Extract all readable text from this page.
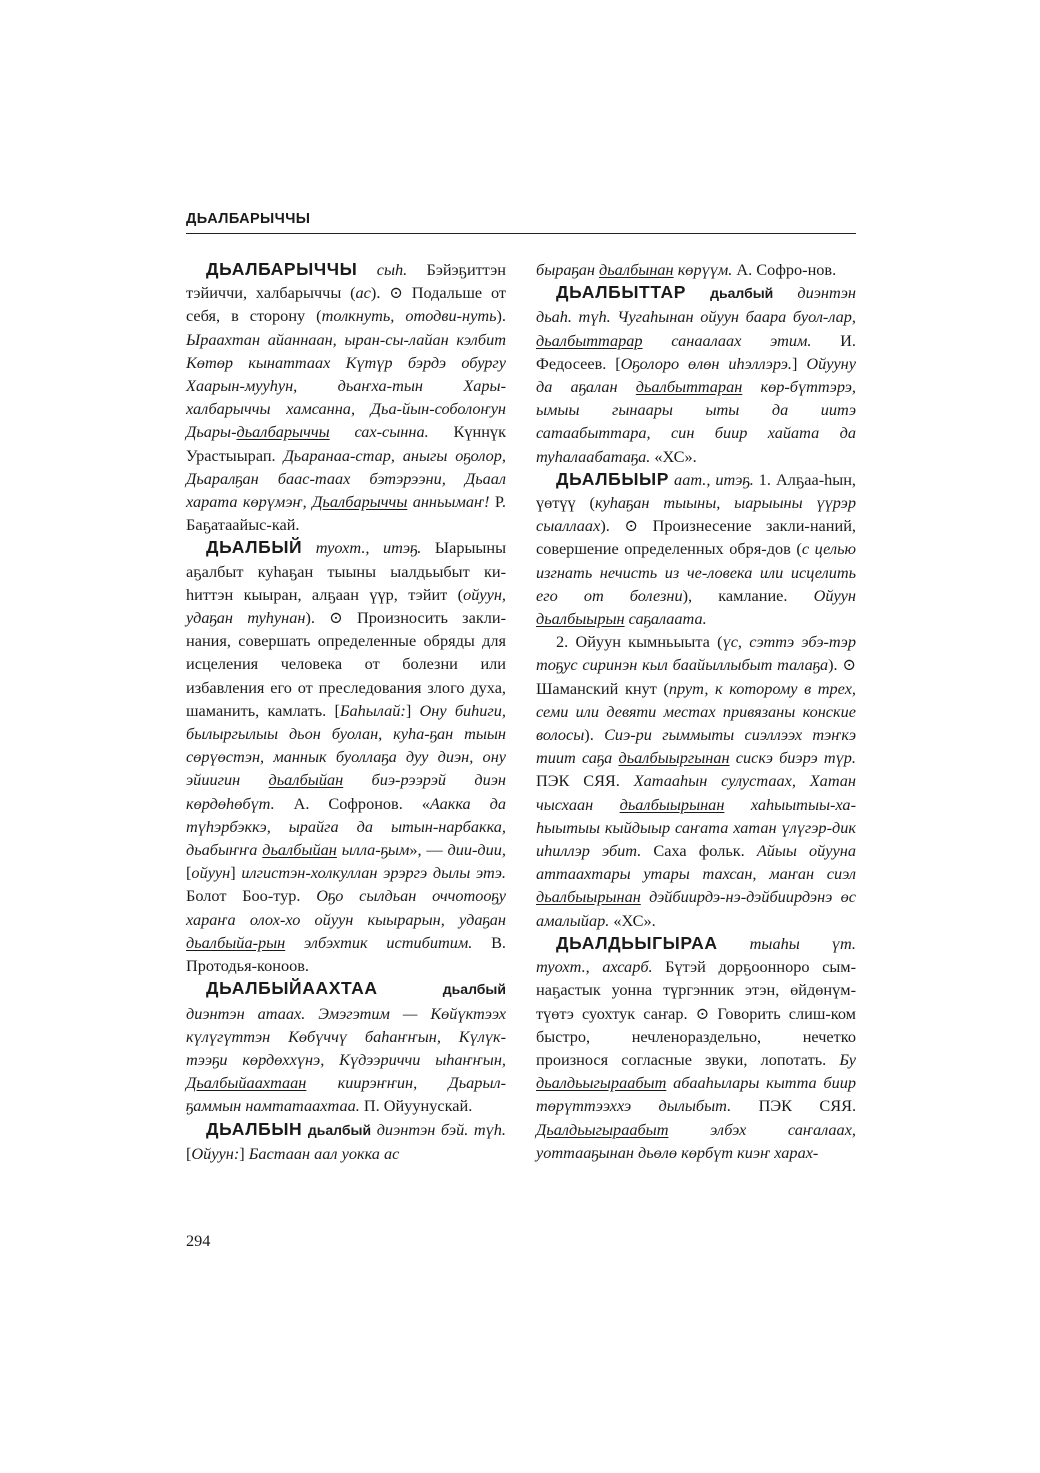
ДЬАЛБАРЫЧЧЫ

ДЬАЛБАРЫЧЧЫ сыһ. Бэйэҕиттэн тэйиччи, халбарыччы (ас). ⊙ Подальше от себя, в сторону (толкнуть, отодви-нуть). Ыраахтан айаннаан, ыран-сы-лайан кэлбит Көтөр кынаттаах Күтүр бэрдэ обургу Хаарын-мууһун, дьаҥха-тын Хары-халбарыччы хамсанна, Дьа-йын-соболоҥун Дьары-дьалбарыччы сах-сынна. Күннүк Урастыырап. Дьаранаа-стар, аныгы оҕолор, Дьаралҕан баас-таах бэтэрээни, Дьаал харата көрүмэҥ, Дьалбарыччы анньымаҥ! Р. Баҕатаайыс-кай.

ДЬАЛБЫЙ туохт., итэҕ. Ыарыыны аҕалбыт куһаҕан тыыны ыалдьыбыт ки-һиттэн кыыран, алҕаан үүр, тэйит (ойуун, удаҕан туһунан). ⊙ Произносить закли-нания, совершать определенные обряды для исцеления человека от болезни или избавления его от преследования злого духа, шаманить, камлать. [Баһылай:] Ону биһиги, былыргылыы дьон буолан, куһа-ҕан тыын сөрүөстэн, маннык буоллаҕа дуу диэн, ону эйиигин дьалбыйан биэ-рээрэй диэн көрдөһөбүт. А. Софронов. «Аакка да түһэрбэккэ, ырайга да ытын-нарбакка, дьабыҥҥа дьалбыйан ылла-ҕым», — дии-дии, [ойуун] илгистэн-холкуллан эрэргэ дылы этэ. Болот Боо-тур. Оҕо сылдьан оччотооҕу хараҥа олох-хо ойуун кыырарын, удаҕан дьалбыйа-рын элбэхтик истибитим. В. Протодья-коноов.

ДЬАЛБЫЙААХТАА	дьалбый диэнтэн атаах. Эмэгэтим — Көйүктээх күлүгүттэн Көбүччү баһаҥҥын, Күлүк-тээҕи көрдөххүнэ, Күдээриччи ыһаҥҥын, Дьалбыйаахтаан киирэҥҥин, Дьарыл-ҕаммын намтатаахтаа. П. Ойуунускай.

ДЬАЛБЫН дьалбый диэнтэн бэй. түһ. [Ойуун:] Бастаан аал уокка ас

быраҕан дьалбынан көрүүм. А. Софро-нов.

ДЬАЛБЫТТАР дьалбый диэнтэн дьаһ. түһ. Чугаһынан ойуун баара буол-лар, дьалбыттарар санаалаах этим. И. Федосеев. [Оҕолоро өлөн иһэллэрэ.] Ойууну да аҕалан дьалбыттаран көр-бүттэрэ, ымыы гынаары ыты да иитэ сатаабыттара, син биир хайата да туһалаабатаҕа. «ХС».

ДЬАЛБЫЫР аат., итэҕ. 1. Алҕаа-һын, үөтүү (куһаҕан тыыны, ыарыыны үүрэр сыаллаах). ⊙ Произнесение закли-наний, совершение определенных обря-дов (с целью изгнать нечисть из че-ловека или исцелить его от болезни), камлание. Ойуун дьалбыырын саҕалаата.

2. Ойуун кымньыыта (үс, сэттэ эбэ-тэр тоҕус сиринэн кыл баайыллыбыт талаҕа). ⊙ Шаманский кнут (прут, к которому в трех, семи или девяти местах привязаны конские волосы). Сиэ-ри гыммыты сиэллээх тэҥкэ тиит саҕа дьалбыыргынан сискэ биэрэ түр. ПЭК СЯЯ. Хатааһын сулустаах, Хатан чысхаан дьалбыырынан хаһыытыы-ха-һыытыы кыйдыыр саҥата хатан үлүгэр-дик иһиллэр эбит. Саха фольк. Айыы ойууна аттаахтары утары тахсан, маҥан сиэл дьалбыырынан дэйбиирдэ-нэ-дэйбиирдэнэ өс амалыйар. «ХС».

ДЬАЛДЬЫГЫРАА тыаһы үт. туохт., ахсарб. Бүтэй дорҕоонноро сым-наҕастык уонна түргэнник этэн, өйдөнүм-түөтэ суохтук саҥар. ⊙ Говорить слиш-ком быстро, нечленораздельно, нечетко произнося согласные звуки, лопотать. Бу дьалдьыгыраабыт абааһылары кытта биир төрүттээххэ дылыбыт. ПЭК СЯЯ. Дьалдьыгыраабыт элбэх саҥалаах, уоттааҕынан дьөлө көрбүт киэҥ харах-

294
